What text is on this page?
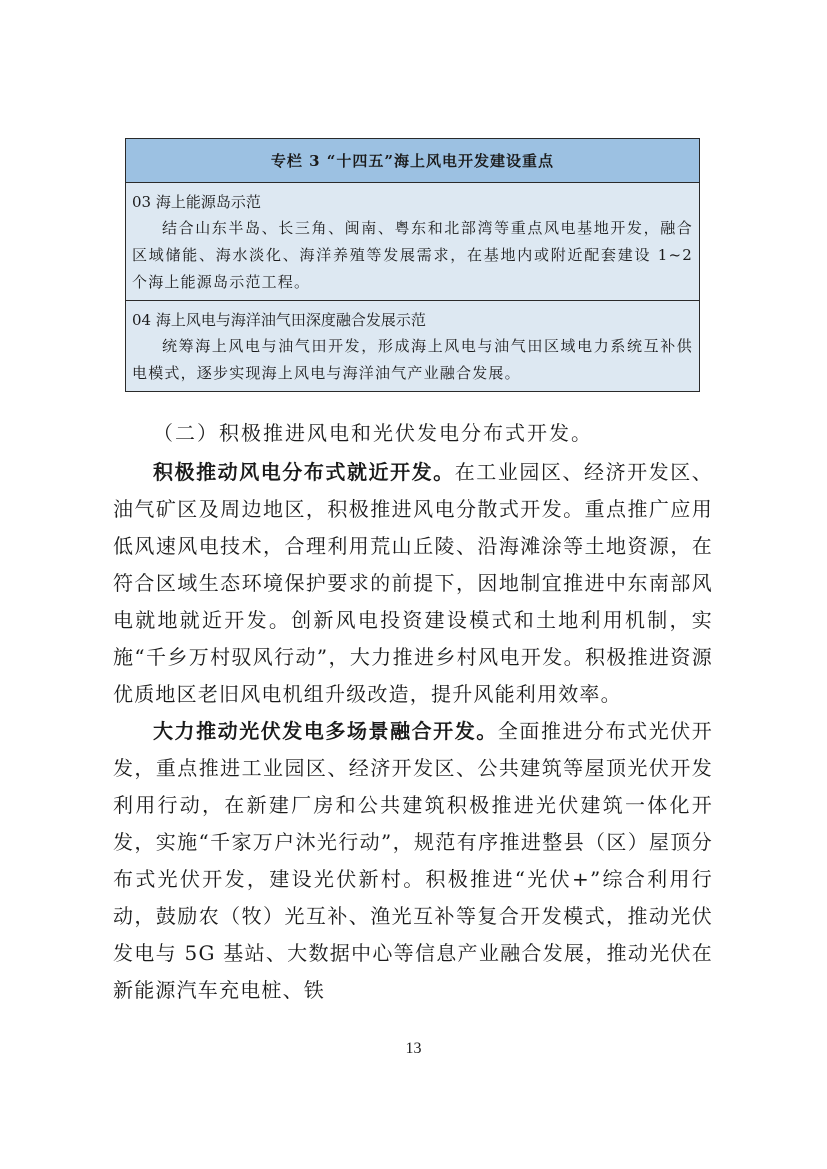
专栏 3 “十四五”海上风电开发建设重点
03 海上能源岛示范
结合山东半岛、长三角、闽南、粤东和北部湾等重点风电基地开发，融合区域储能、海水淡化、海洋养殖等发展需求，在基地内或附近配套建设 1~2 个海上能源岛示范工程。
04 海上风电与海洋油气田深度融合发展示范
统筹海上风电与油气田开发，形成海上风电与油气田区域电力系统互补供电模式，逐步实现海上风电与海洋油气产业融合发展。
（二）积极推进风电和光伏发电分布式开发。

积极推动风电分布式就近开发。在工业园区、经济开发区、油气矿区及周边地区，积极推进风电分散式开发。重点推广应用低风速风电技术，合理利用荒山丘陵、沿海滩涂等土地资源，在符合区域生态环境保护要求的前提下，因地制宜推进中东南部风电就地就近开发。创新风电投资建设模式和土地利用机制，实施“千乡万村驭风行动”，大力推进乡村风电开发。积极推进资源优质地区老旧风电机组升级改造，提升风能利用效率。

大力推动光伏发电多场景融合开发。全面推进分布式光伏开发，重点推进工业园区、经济开发区、公共建筑等屋顶光伏开发利用行动，在新建厂房和公共建筑积极推进光伏建筑一体化开发，实施“千家万户沐光行动”，规范有序推进整县（区）屋顶分布式光伏开发，建设光伏新村。积极推进“光伏+”综合利用行动，鼓励农（牧）光互补、渔光互补等复合开发模式，推动光伏发电与 5G 基站、大数据中心等信息产业融合发展，推动光伏在新能源汽车充电桩、铁

13
